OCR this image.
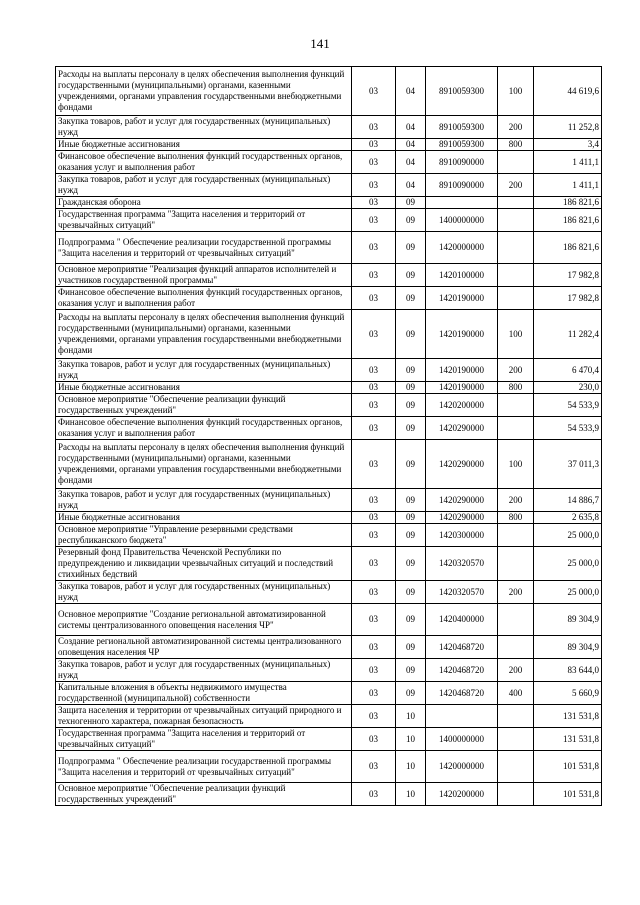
141
Расходы на выплаты персоналу в целях обеспечения выполнения функций государственными (муниципальными) органами, казенными учреждениями, органами управления государственными внебюджетными фондами	03	04	8910059300	100	44 619,6
Закупка товаров, работ и услуг для государственных (муниципальных) нужд	03	04	8910059300	200	11 252,8
Иные бюджетные ассигнования	03	04	8910059300	800	3,4
Финансовое обеспечение выполнения функций государственных органов, оказания услуг и выполнения работ	03	04	8910090000		1 411,1
Закупка товаров, работ и услуг для государственных (муниципальных) нужд	03	04	8910090000	200	1 411,1
Гражданская оборона	03	09			186 821,6
Государственная программа "Защита населения и территорий от чрезвычайных ситуаций"	03	09	1400000000		186 821,6
Подпрограмма " Обеспечение реализации государственной программы "Защита населения и территорий от чрезвычайных ситуаций"	03	09	1420000000		186 821,6
Основное мероприятие "Реализация функций аппаратов исполнителей и участников государственной программы"	03	09	1420100000		17 982,8
Финансовое обеспечение выполнения функций государственных органов, оказания услуг и выполнения работ	03	09	1420190000		17 982,8
Расходы на выплаты персоналу в целях обеспечения выполнения функций государственными (муниципальными) органами, казенными учреждениями, органами управления государственными внебюджетными фондами	03	09	1420190000	100	11 282,4
Закупка товаров, работ и услуг для государственных (муниципальных) нужд	03	09	1420190000	200	6 470,4
Иные бюджетные ассигнования	03	09	1420190000	800	230,0
Основное мероприятие "Обеспечение реализации функций государственных учреждений"	03	09	1420200000		54 533,9
Финансовое обеспечение выполнения функций государственных органов, оказания услуг и выполнения работ	03	09	1420290000		54 533,9
Расходы на выплаты персоналу в целях обеспечения выполнения функций государственными (муниципальными) органами, казенными учреждениями, органами управления государственными внебюджетными фондами	03	09	1420290000	100	37 011,3
Закупка товаров, работ и услуг для государственных (муниципальных) нужд	03	09	1420290000	200	14 886,7
Иные бюджетные ассигнования	03	09	1420290000	800	2 635,8
Основное мероприятие "Управление резервными средствами республиканского бюджета"	03	09	1420300000		25 000,0
Резервный фонд Правительства Чеченской Республики по предупреждению и ликвидации чрезвычайных ситуаций и последствий стихийных бедствий	03	09	1420320570		25 000,0
Закупка товаров, работ и услуг для государственных (муниципальных) нужд	03	09	1420320570	200	25 000,0
Основное мероприятие "Создание региональной автоматизированной системы централизованного оповещения населения ЧР"	03	09	1420400000		89 304,9
Создание региональной автоматизированной системы централизованного оповещения населения ЧР	03	09	1420468720		89 304,9
Закупка товаров, работ и услуг для государственных (муниципальных) нужд	03	09	1420468720	200	83 644,0
Капитальные вложения в объекты недвижимого имущества государственной (муниципальной) собственности	03	09	1420468720	400	5 660,9
Защита населения и территории от чрезвычайных ситуаций природного и техногенного характера, пожарная безопасность	03	10			131 531,8
Государственная программа "Защита населения и территорий от чрезвычайных ситуаций"	03	10	1400000000		131 531,8
Подпрограмма " Обеспечение реализации государственной программы "Защита населения и территорий от чрезвычайных ситуаций"	03	10	1420000000		101 531,8
Основное мероприятие "Обеспечение реализации функций государственных учреждений"	03	10	1420200000		101 531,8
